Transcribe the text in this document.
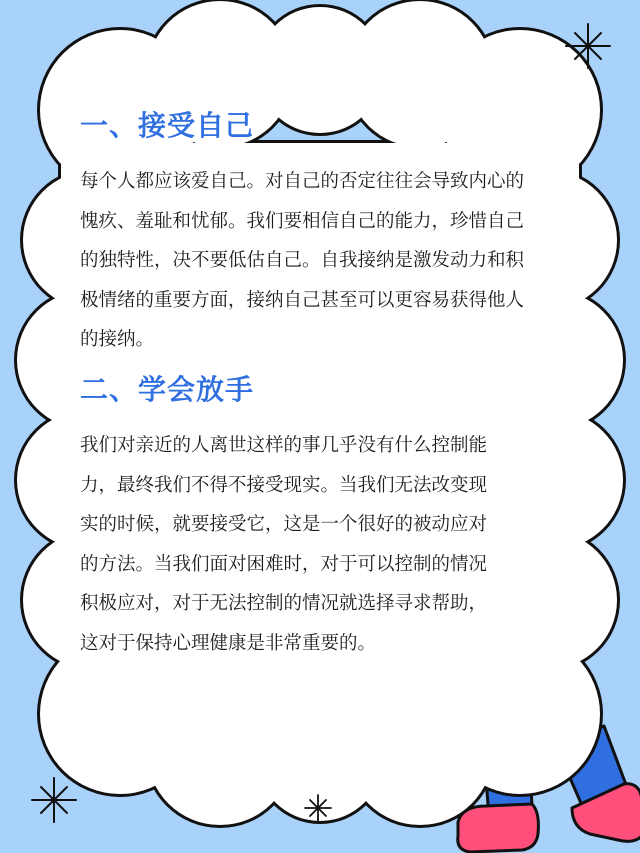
一、接受自己

每个人都应该爱自己。对自己的否定往往会导致内心的
愧疚、羞耻和忧郁。我们要相信自己的能力，珍惜自己
的独特性，决不要低估自己。自我接纳是激发动力和积
极情绪的重要方面，接纳自己甚至可以更容易获得他人
的接纳。

二、学会放手

我们对亲近的人离世这样的事几乎没有什么控制能
力，最终我们不得不接受现实。当我们无法改变现
实的时候，就要接受它，这是一个很好的被动应对
的方法。当我们面对困难时，对于可以控制的情况
积极应对，对于无法控制的情况就选择寻求帮助，
这对于保持心理健康是非常重要的。
